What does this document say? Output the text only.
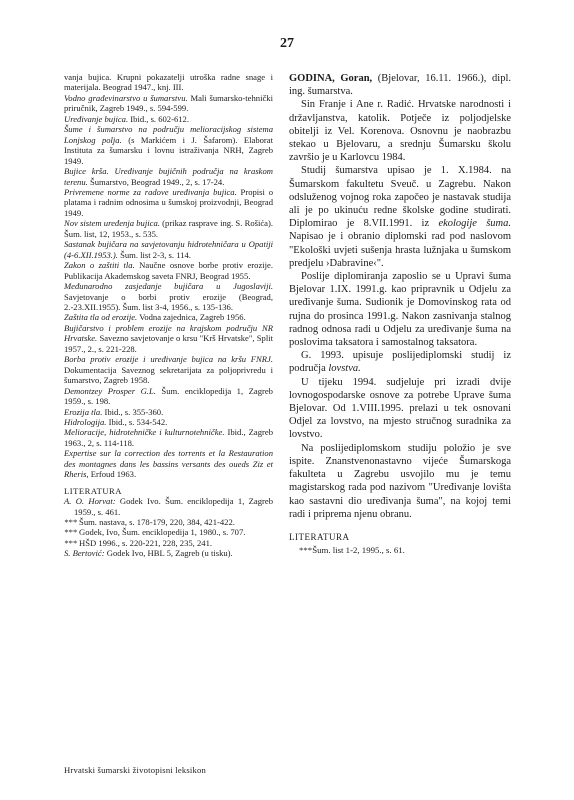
27

vanja bujica. Krupni pokazatelji utroška radne snage i materijala. Beograd 1947., knj. III.

Vodno građevinarstvo u šumarstvu. Mali šumarsko-tehnički priručnik, Zagreb 1949., s. 594-599.

Uređivanje bujica. Ibid., s. 602-612.

Šume i šumarstvo na području melioracijskog sistema Lonjskog polja. (s Markićem i J. Šafarom). Elaborat Instituta za šumarsku i lovnu istraživanja NRH, Zagreb 1949.

Bujice krša. Uređivanje bujičnih područja na kraskom terenu. Šumarstvo, Beograd 1949., 2, s. 17-24.

Privremene norme za radove uređivanja bujica. Propisi o platama i radnim odnosima u šumskoj proizvodnji, Beograd 1949.

Nov sistem uređenja bujica. (prikaz rasprave ing. S. Rošića). Šum. list, 12, 1953., s. 535.

Sastanak bujičara na savjetovanju hidrotehničara u Opatiji (4-6.XII.1953.). Šum. list 2-3, s. 114.

Zakon o zaštiti tla. Naučne osnove borbe protiv erozije. Publikacija Akademskog saveta FNRJ, Beograd 1955.

Međunarodno zasjedanje bujičara u Jugoslaviji. Savjetovanje o borbi protiv erozije (Beograd, 2.-23.XII.1955). Šum. list 3-4, 1956., s. 135-136.

Zaštita tla od erozije. Vodna zajednica, Zagreb 1956.

Bujičarstvo i problem erozije na krajskom području NR Hrvatske. Savezno savjetovanje o krsu "Krš Hrvatske", Split 1957., 2., s. 221-228.

Borba protiv erozije i uređivanje bujica na kršu FNRJ. Dokumentacija Saveznog sekretarijata za poljoprivredu i šumarstvo, Zagreb 1958.

Demontzey Prosper G.L. Šum. enciklopedija 1, Zagreb 1959., s. 198.

Erozija tla. Ibid., s. 355-360.

Hidrologija. Ibid., s. 534-542.

Melioracije, hidrotehničke i kulturnotehničke. Ibid., Zagreb 1963., 2, s. 114-118.

Expertise sur la correction des torrents et la Restauration des montagnes dans les bassins versants des oueds Ziz et Rheris, Erfoud 1963.

LITERATURA

A. O. Horvat: Godek Ivo. Šum. enciklopedija 1, Zagreb 1959., s. 461.

*** Šum. nastava, s. 178-179, 220, 384, 421-422.

*** Godek, Ivo, Šum. enciklopedija 1, 1980., s. 707.

*** HŠD 1996., s. 220-221, 228, 235, 241.

S. Bertović: Godek Ivo, HBL 5, Zagreb (u tisku).

GODINA, Goran, (Bjelovar, 16.11. 1966.), dipl. ing. šumarstva.

Sin Franje i Ane r. Radić. Hrvatske narodnosti i državljanstva, katolik. Potječe iz poljodjelske obitelji iz Vel. Korenova. Osnovnu je naobrazbu stekao u Bjelovaru, a srednju Šumarsku školu završio je u Karlovcu 1984.

Studij šumarstva upisao je 1. X.1984. na Šumarskom fakultetu Sveuč. u Zagrebu. Nakon odsluženog vojnog roka započeo je nastavak studija ali je po ukinuću redne školske godine studirati. Diplomirao je 8.VII.1991. iz ekologije šuma. Napisao je i obranio diplomski rad pod naslovom "Ekološki uvjeti sušenja hrasta lužnjaka u šumskom predjelu ›Dabravine‹".

Poslije diplomiranja zaposlio se u Upravi šuma Bjelovar 1.IX. 1991.g. kao pripravnik u Odjelu za uređivanje šuma. Sudionik je Domovinskog rata od rujna do prosinca 1991.g. Nakon zasnivanja stalnog radnog odnosa radi u Odjelu za uređivanje šuma na poslovima taksatora i samostalnog taksatora.

G. 1993. upisuje poslijediplomski studij iz područja lovstva.

U tijeku 1994. sudjeluje pri izradi dvije lovnogospodarske osnove za potrebe Uprave šuma Bjelovar. Od 1.VIII.1995. prelazi u tek osnovani Odjel za lovstvo, na mjesto stručnog suradnika za lovstvo.

Na poslijediplomskom studiju položio je sve ispite. Znanstvenonastavno vijeće Šumarskoga fakulteta u Zagrebu usvojilo mu je temu magistarskog rada pod nazivom "Uređivanje lovišta kao sastavni dio uređivanja šuma", na kojoj temi radi i priprema njenu obranu.

LITERATURA

***Šum. list 1-2, 1995., s. 61.

Hrvatski šumarski životopisni leksikon
